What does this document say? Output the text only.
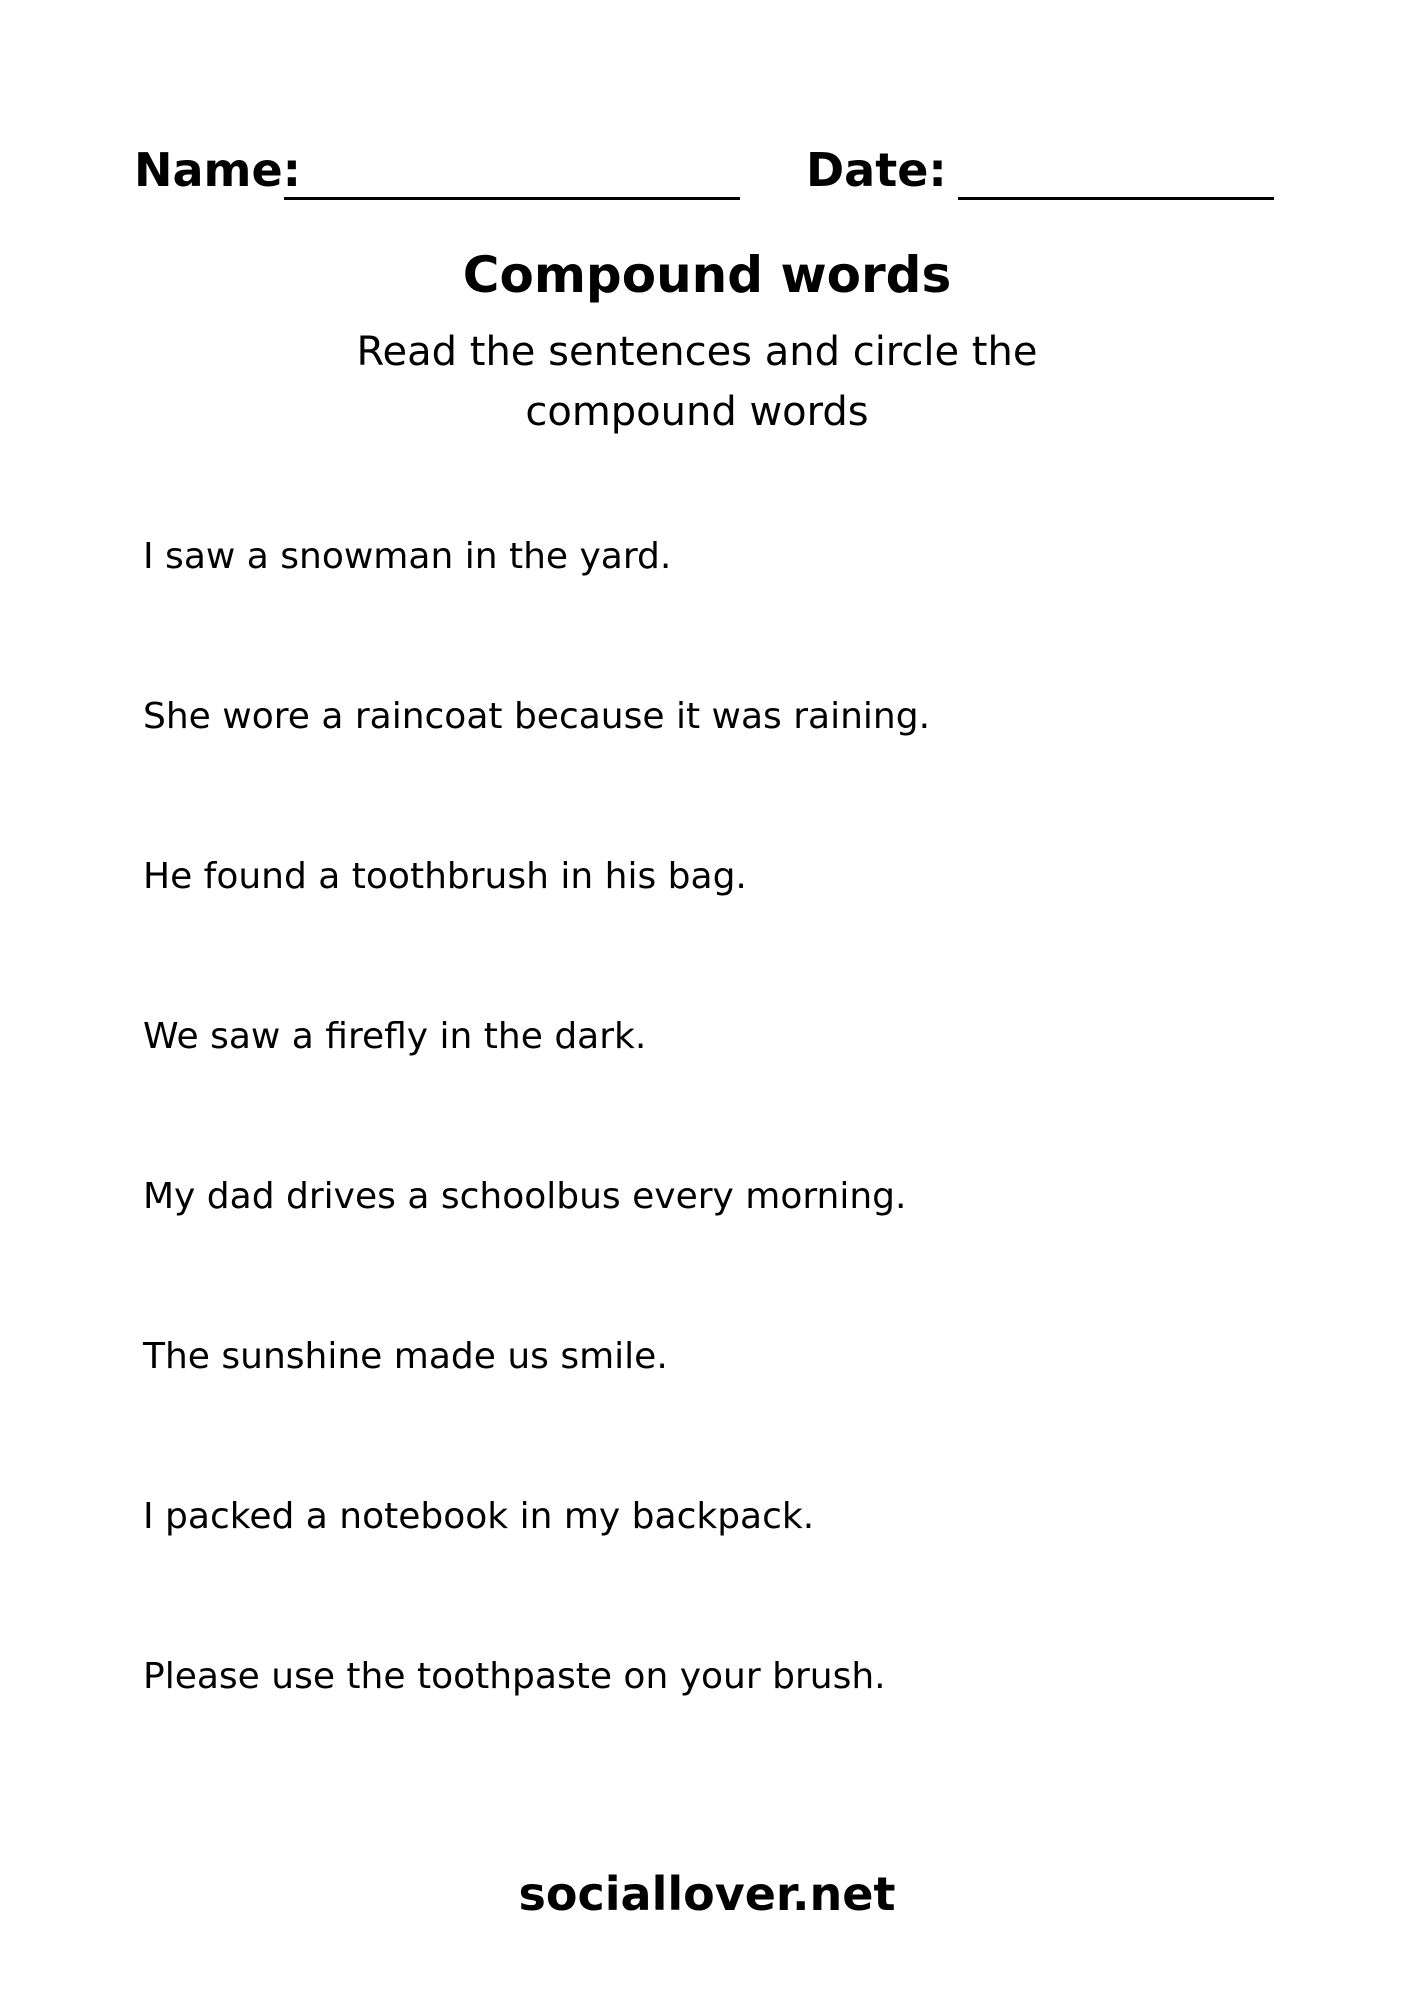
Name:	Date:
Compound words
Read the sentences and circle the
compound words
I saw a snowman in the yard.
She wore a raincoat because it was raining.
He found a toothbrush in his bag.
We saw a firefly in the dark.
My dad drives a schoolbus every morning.
The sunshine made us smile.
I packed a notebook in my backpack.
Please use the toothpaste on your brush.
sociallover.net
